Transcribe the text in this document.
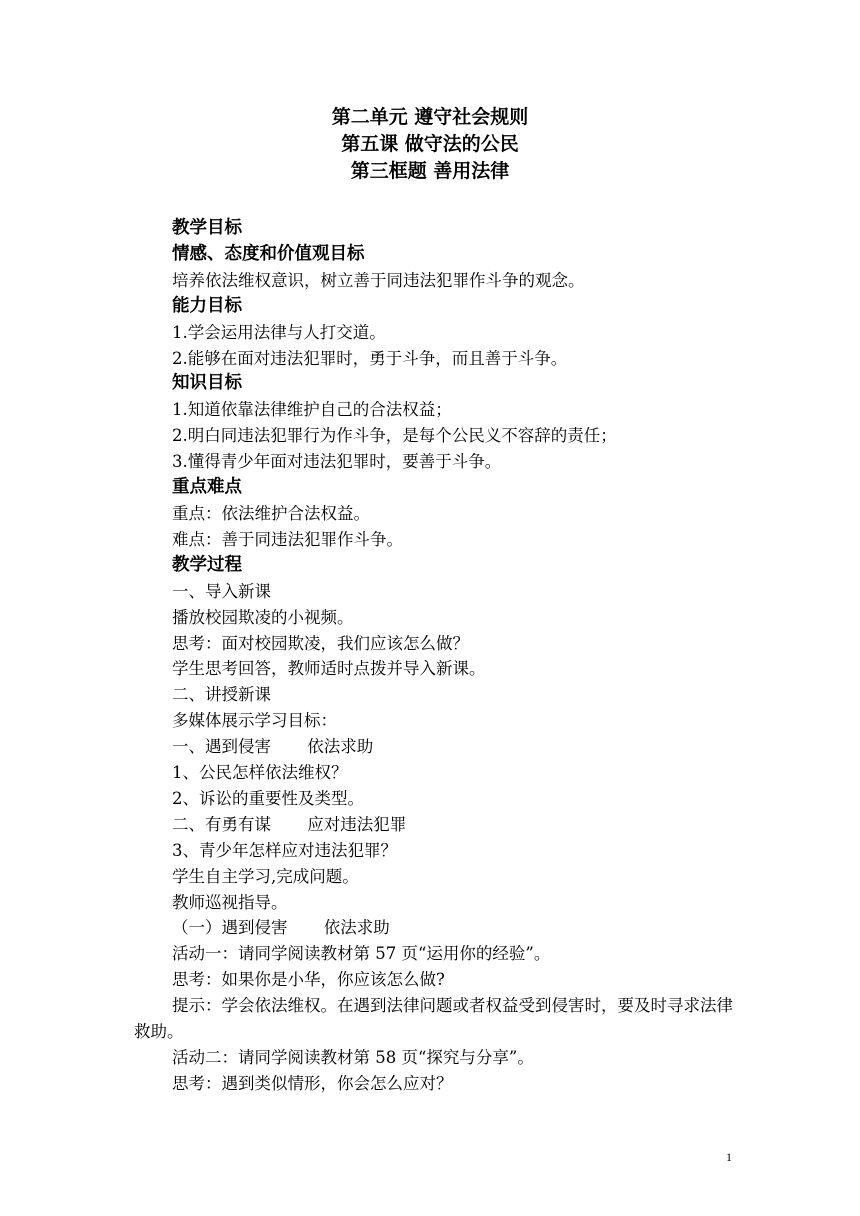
第二单元 遵守社会规则
第五课 做守法的公民
第三框题 善用法律
教学目标
情感、态度和价值观目标
培养依法维权意识，树立善于同违法犯罪作斗争的观念。
能力目标
1.学会运用法律与人打交道。
2.能够在面对违法犯罪时，勇于斗争，而且善于斗争。
知识目标
1.知道依靠法律维护自己的合法权益；
2.明白同违法犯罪行为作斗争，是每个公民义不容辞的责任；
3.懂得青少年面对违法犯罪时，要善于斗争。
重点难点
重点：依法维护合法权益。
难点：善于同违法犯罪作斗争。
教学过程
一、导入新课
播放校园欺凌的小视频。
思考：面对校园欺凌，我们应该怎么做？
学生思考回答，教师适时点拨并导入新课。
二、讲授新课
多媒体展示学习目标：
一、遇到侵害 依法求助
1、公民怎样依法维权？
2、诉讼的重要性及类型。
二、有勇有谋 应对违法犯罪
3、青少年怎样应对违法犯罪？
学生自主学习,完成问题。
教师巡视指导。
（一）遇到侵害 依法求助
活动一：请同学阅读教材第 57 页“运用你的经验”。
思考：如果你是小华，你应该怎么做?
提示：学会依法维权。在遇到法律问题或者权益受到侵害时，要及时寻求法律救助。
活动二：请同学阅读教材第 58 页“探究与分享”。
思考：遇到类似情形，你会怎么应对？
1
